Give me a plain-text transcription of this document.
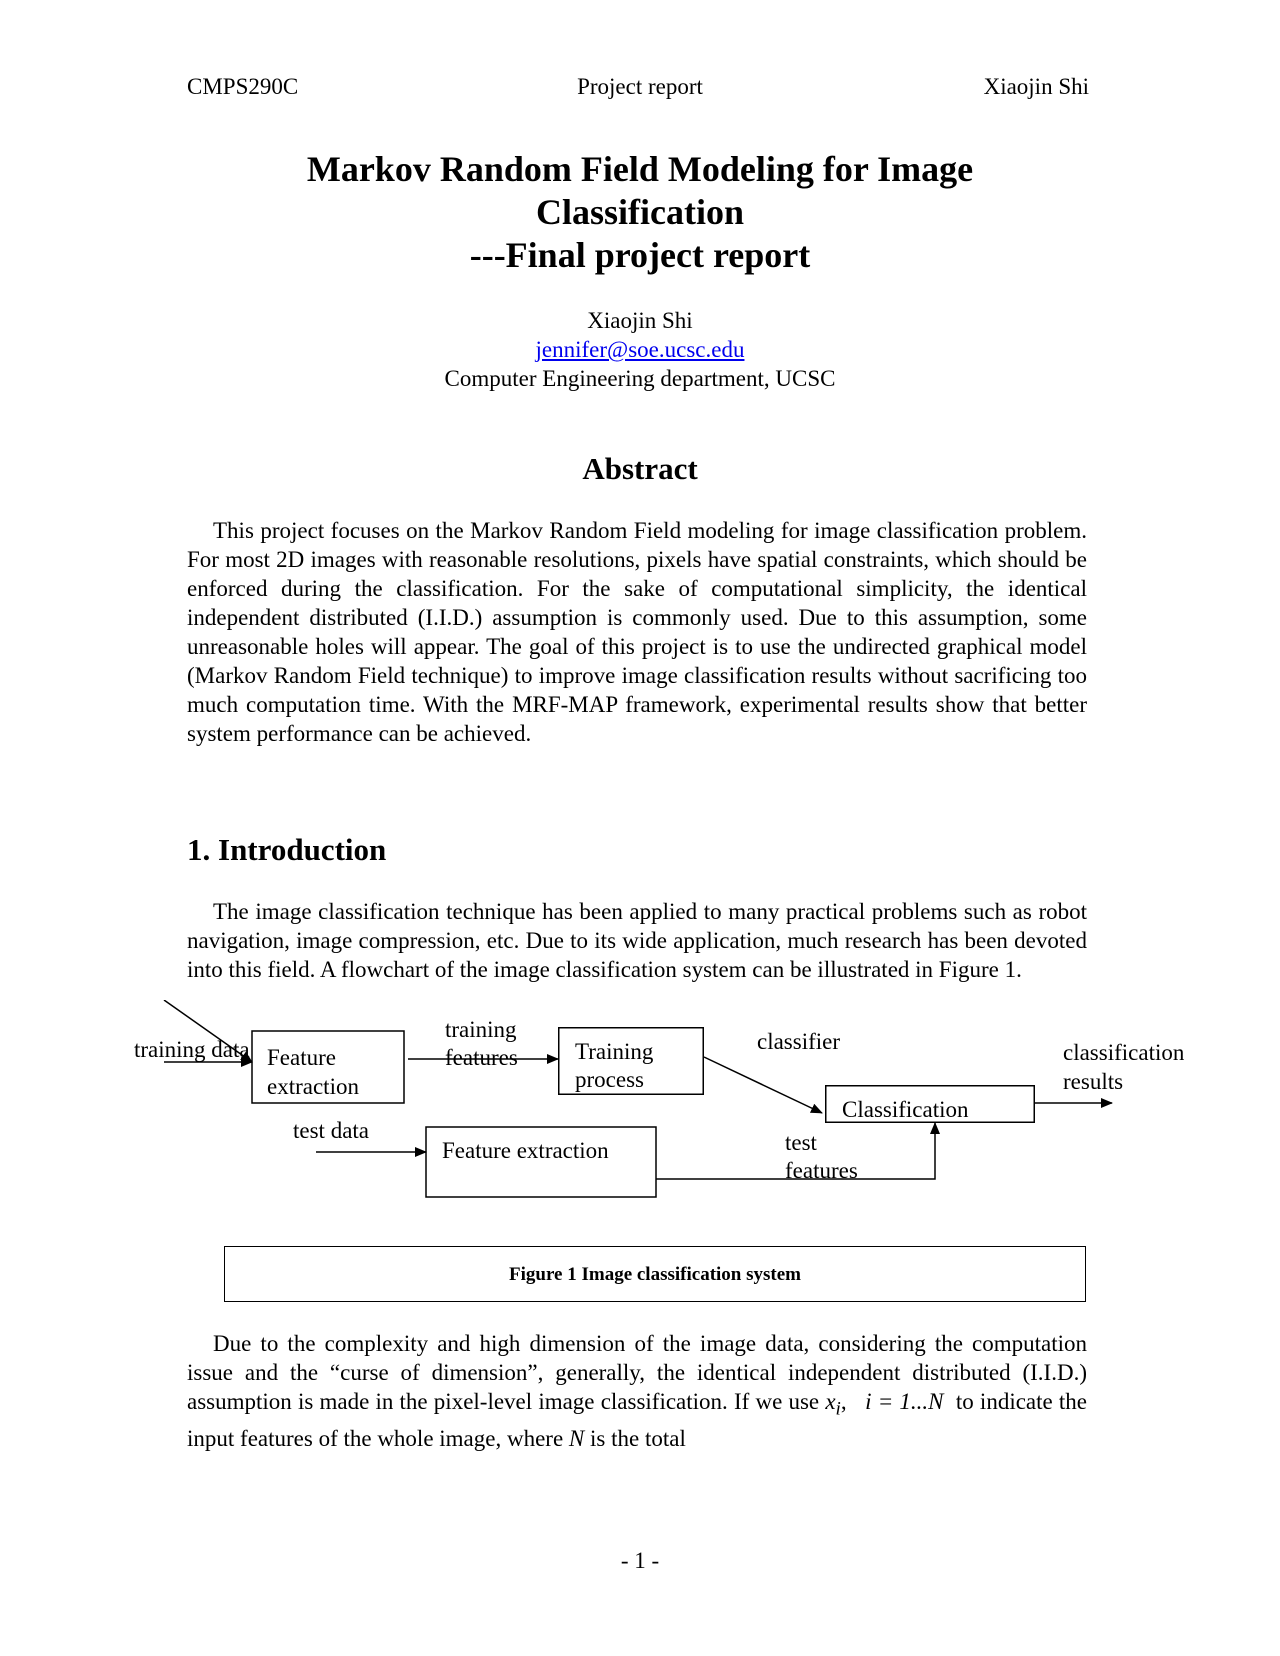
CMPS290C	Project report	Xiaojin Shi
Markov Random Field Modeling for Image
Classification
---Final project report
Xiaojin Shi
jennifer@soe.ucsc.edu
Computer Engineering department, UCSC
Abstract

This project focuses on the Markov Random Field modeling for image classification problem. For most 2D images with reasonable resolutions, pixels have spatial constraints, which should be enforced during the classification. For the sake of computational simplicity, the identical independent distributed (I.I.D.) assumption is commonly used. Due to this assumption, some unreasonable holes will appear. The goal of this project is to use the undirected graphical model (Markov Random Field technique) to improve image classification results without sacrificing too much computation time. With the MRF-MAP framework, experimental results show that better system performance can be achieved.

1. Introduction

The image classification technique has been applied to many practical problems such as robot navigation, image compression, etc. Due to its wide application, much research has been devoted into this field. A flowchart of the image classification system can be illustrated in Figure 1.

training data Feature
extraction
training
features Training
process
classifier
Classification
classification
results
test data
Feature extraction	test
features
Figure 1 Image classification system

Due to the complexity and high dimension of the image data, considering the computation issue and the “curse of dimension”, generally, the identical independent distributed (I.I.D.) assumption is made in the pixel-level image classification. If we use $x_i$, i = 1...N to indicate the input features of the whole image, where N is the total

- 1 -
